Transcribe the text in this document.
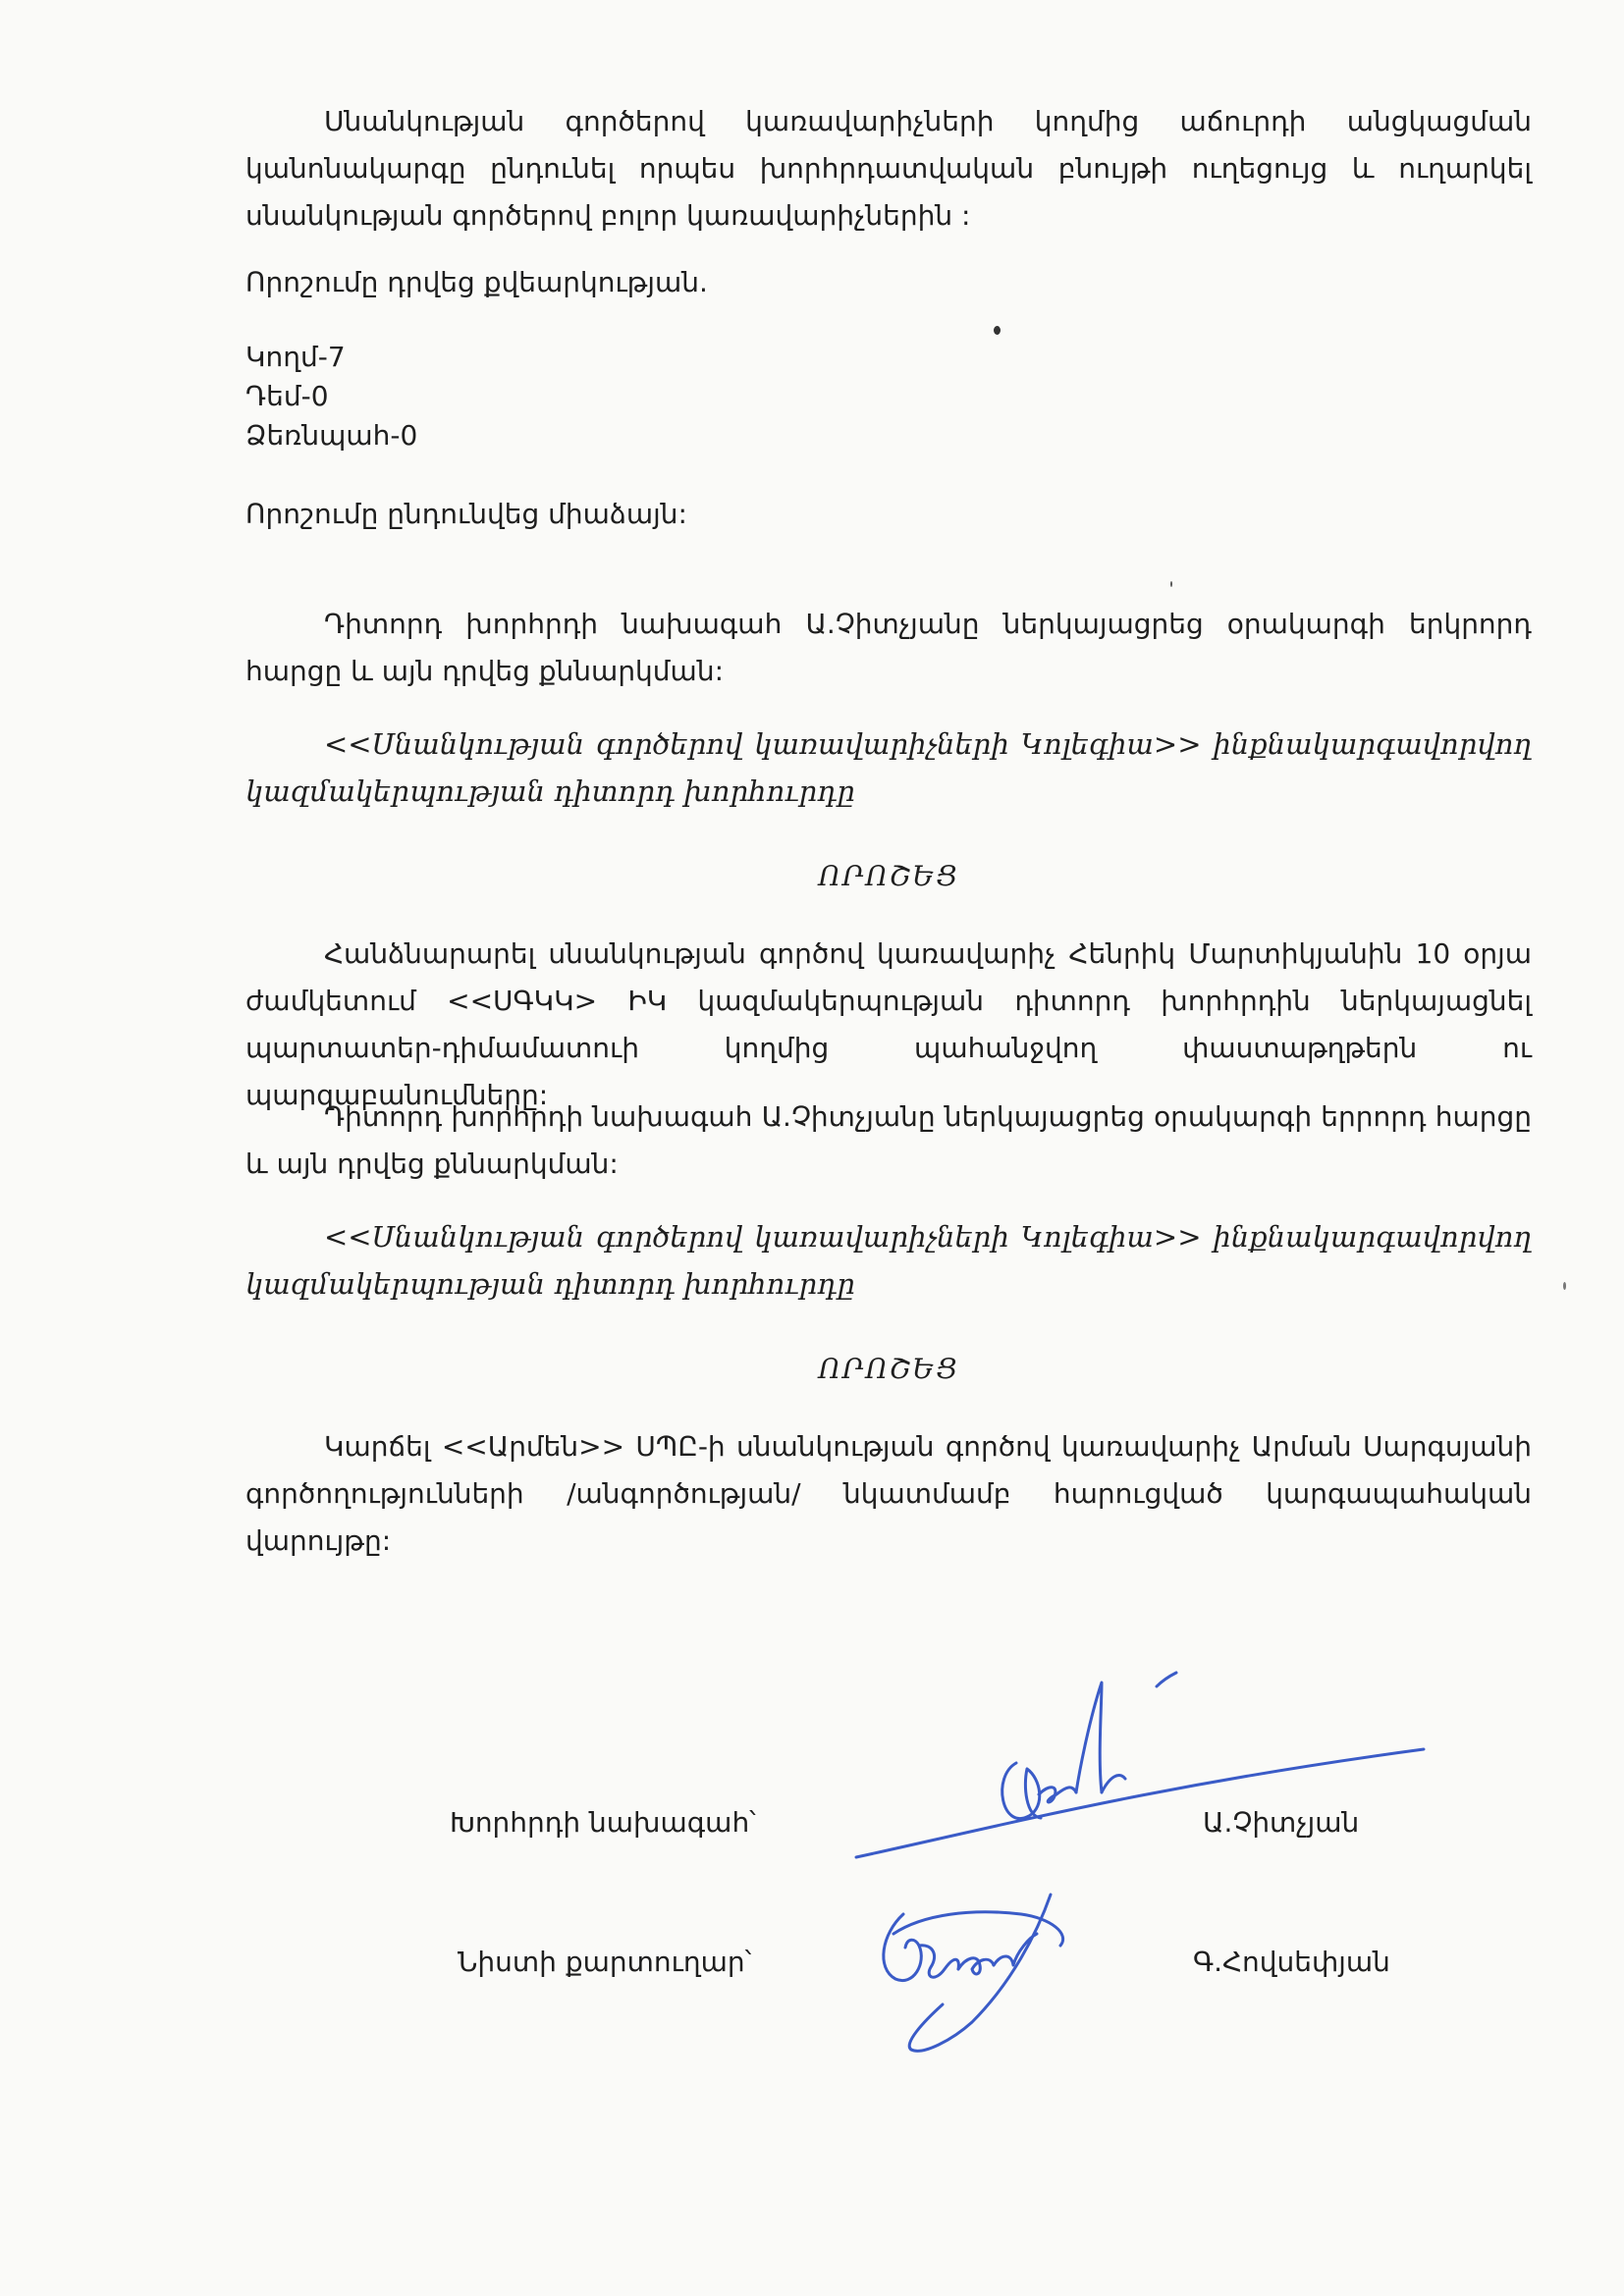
Սնանկության գործերով կառավարիչների կողմից աճուրդի անցկացման կանոնակարգը ընդունել որպես խորհրդատվական բնույթի ուղեցույց և ուղարկել սնանկության գործերով բոլոր կառավարիչներին :
Որոշումը դրվեց քվեարկության.
Կողմ-7
Դեմ-0
Ձեռնպահ-0
Որոշումը ընդունվեց միաձայն:
Դիտորդ խորհրդի նախագահ Ա.Չիտչյանը ներկայացրեց օրակարգի երկրորդ հարցը և այն դրվեց քննարկման:
<<Սնանկության գործերով կառավարիչների Կոլեգիա>> ինքնակարգավորվող կազմակերպության դիտորդ խորհուրդը
ՈՐՈՇԵՑ
Հանձնարարել սնանկության գործով կառավարիչ Հենրիկ Մարտիկյանին 10 օրյա ժամկետում <<ՍԳԿԿ> ԻԿ կազմակերպության դիտորդ խորհրդին ներկայացնել պարտատեր-դիմամատուի կողմից պահանջվող փաստաթղթերն ու պարզաբանումները:
Դիտորդ խորհրդի նախագահ Ա.Չիտչյանը ներկայացրեց օրակարգի երրորդ հարցը և այն դրվեց քննարկման:
<<Սնանկության գործերով կառավարիչների Կոլեգիա>> ինքնակարգավորվող կազմակերպության դիտորդ խորհուրդը
ՈՐՈՇԵՑ
Կարճել <<Արմեն>> ՍՊԸ-ի սնանկության գործով կառավարիչ Արման Սարգսյանի գործողությունների /անգործության/ նկատմամբ հարուցված կարգապահական վարույթը:
Խորհրդի նախագահ՝	Ա.Չիտչյան
Նիստի քարտուղար՝	Գ.Հովսեփյան
